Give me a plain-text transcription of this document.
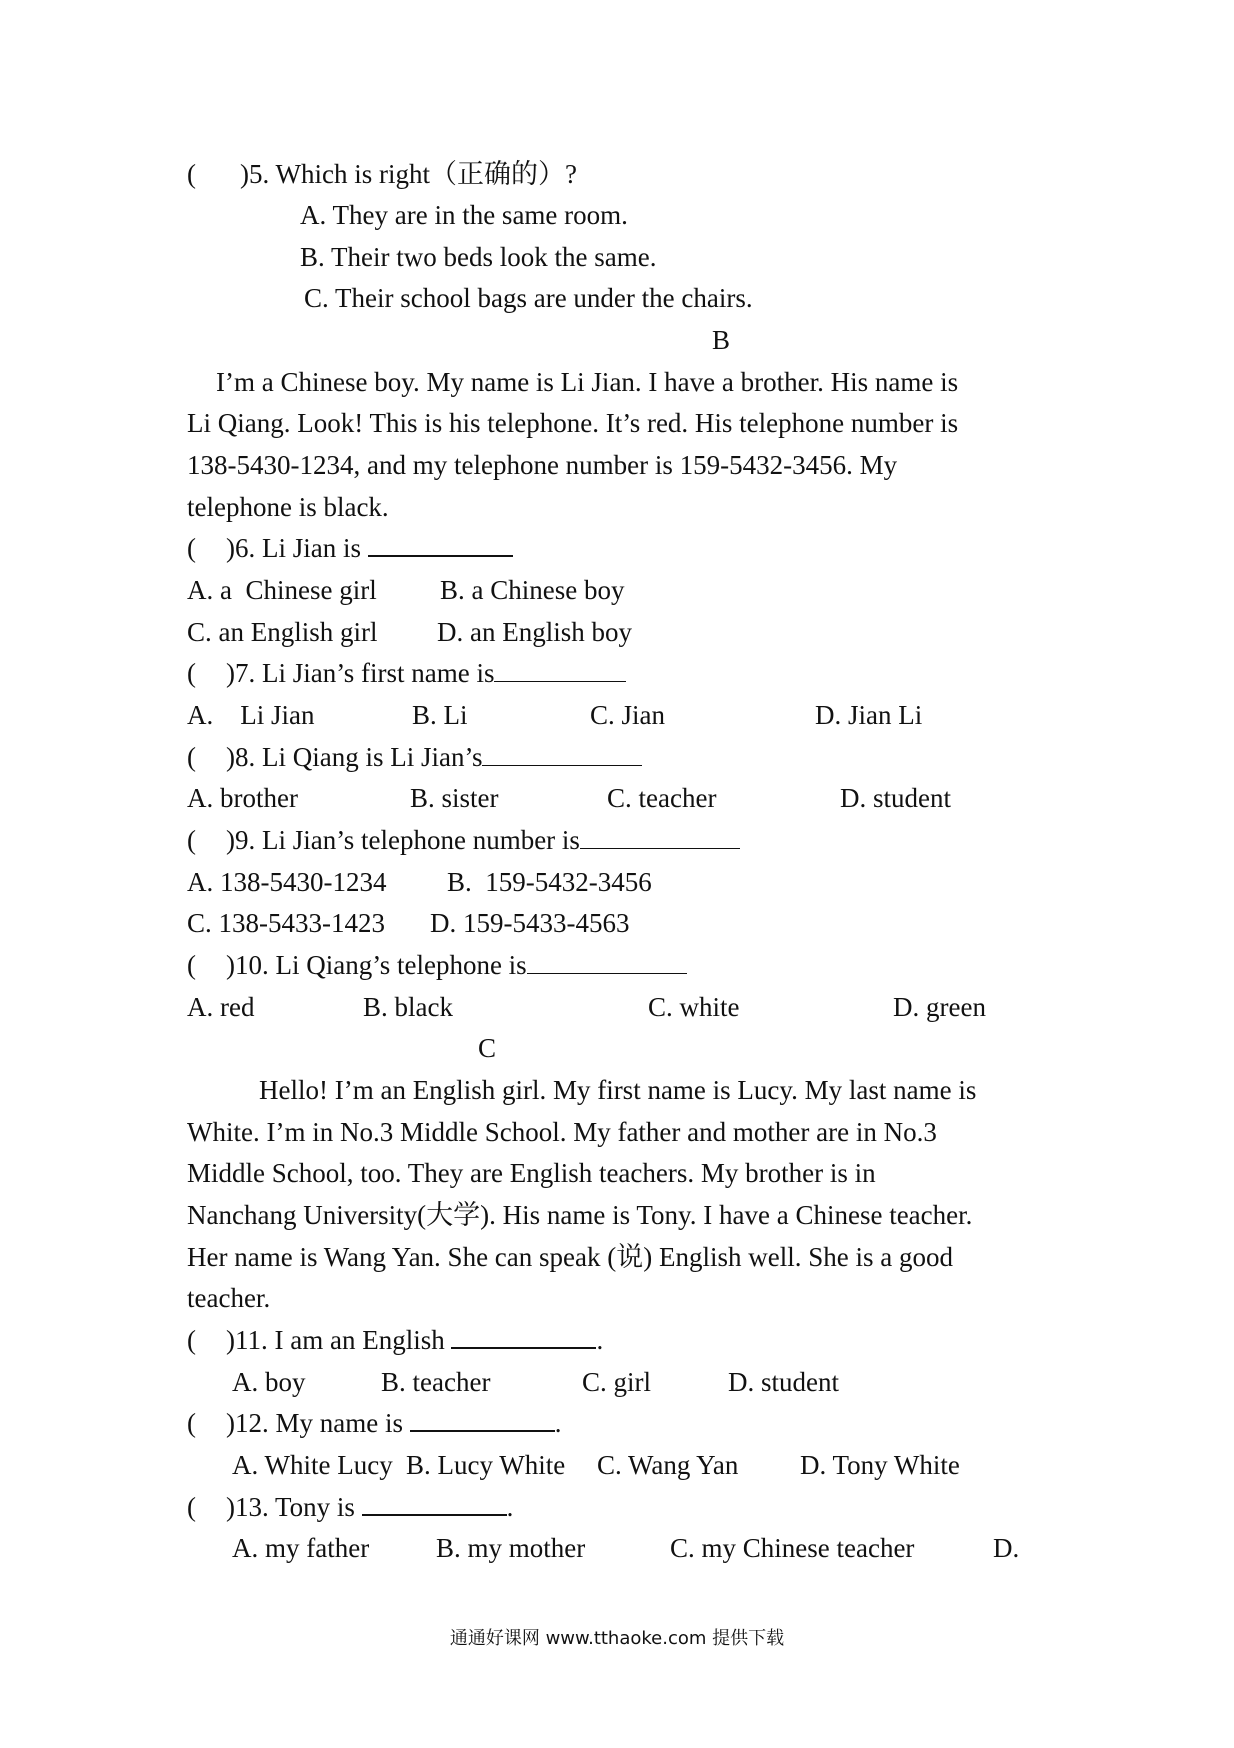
( )5. Which is right（正确的）?
A. They are in the same room.
B. Their two beds look the same.
C. Their school bags are under the chairs.
B
I’m a Chinese boy. My name is Li Jian. I have a brother. His name is
Li Qiang. Look! This is his telephone. It’s red. His telephone number is
138-5430-1234, and my telephone number is 159-5432-3456. My
telephone is black.
( )6. Li Jian is
A. a  Chinese girl B. a Chinese boy
C. an English girl D. an English boy
( )7. Li Jian’s first name is
A.    Li Jian	B. Li	C. Jian	D. Jian Li
( )8. Li Qiang is Li Jian’s
A. brother	B. sister	C. teacher	D. student
( )9. Li Jian’s telephone number is
A. 138-5430-1234 B.  159-5432-3456
C. 138-5433-1423 D. 159-5433-4563
( )10. Li Qiang’s telephone is
A. red	B. black	C. white	D. green
C
Hello! I’m an English girl. My first name is Lucy. My last name is
White. I’m in No.3 Middle School. My father and mother are in No.3
Middle School, too. They are English teachers. My brother is in
Nanchang University(大学). His name is Tony. I have a Chinese teacher.
Her name is Wang Yan. She can speak (说) English well. She is a good
teacher.
( )11. I am an English	.
A. boy	B. teacher	C. girl	D. student
( )12. My name is	.
A. White Lucy B. Lucy White C. Wang Yan D. Tony White
( )13. Tony is	.
A. my father B. my mother	C. my Chinese teacher	D.
通通好课网 www.tthaoke.com 提供下载
